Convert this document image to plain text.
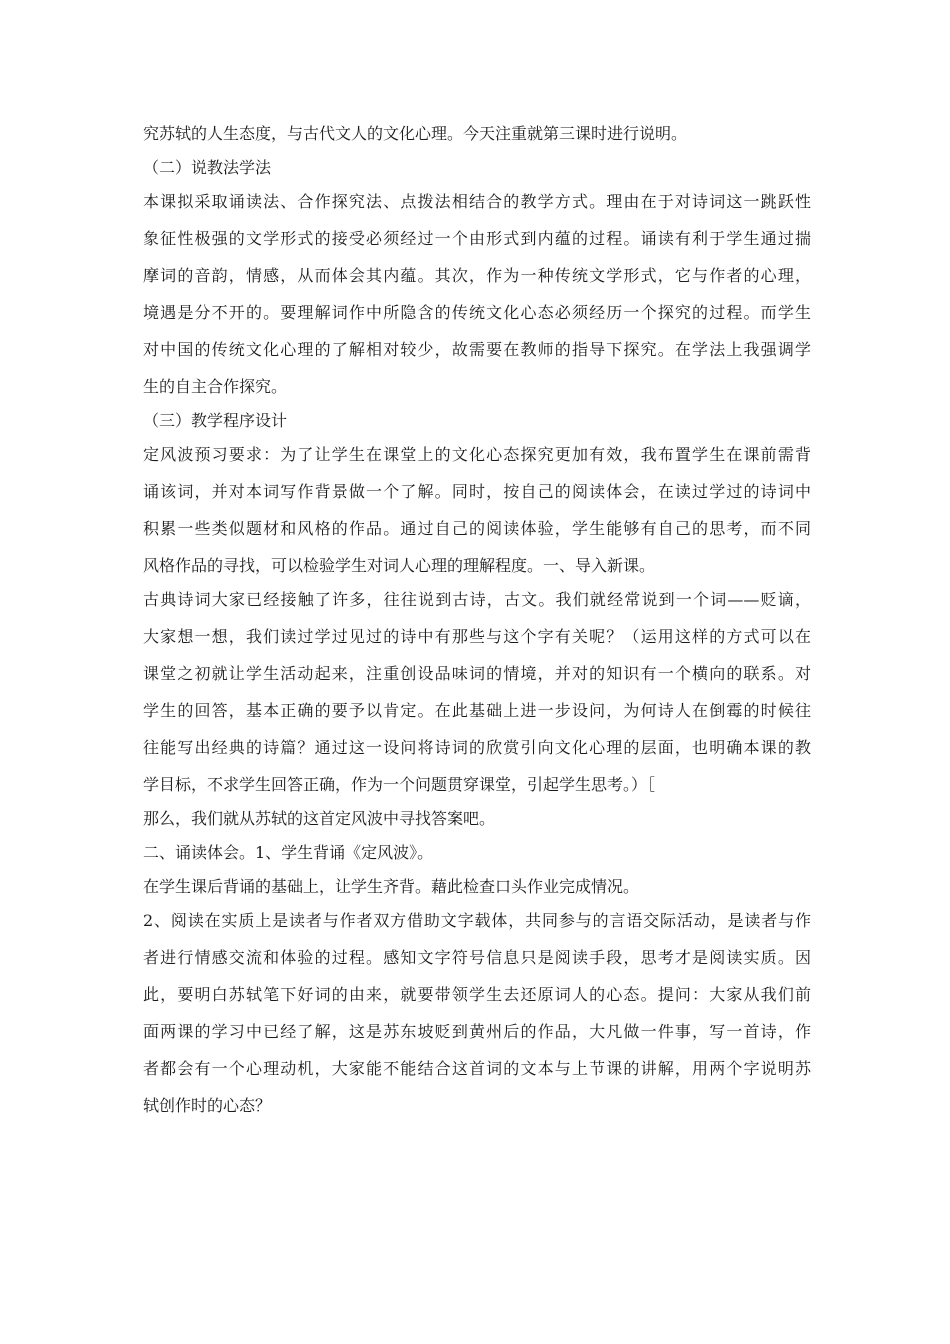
究苏轼的人生态度，与古代文人的文化心理。今天注重就第三课时进行说明。
（二）说教法学法
本课拟采取诵读法、合作探究法、点拨法相结合的教学方式。理由在于对诗词这一跳跃性
象征性极强的文学形式的接受必须经过一个由形式到内蕴的过程。诵读有利于学生通过揣
摩词的音韵，情感，从而体会其内蕴。其次，作为一种传统文学形式，它与作者的心理，
境遇是分不开的。要理解词作中所隐含的传统文化心态必须经历一个探究的过程。而学生
对中国的传统文化心理的了解相对较少，故需要在教师的指导下探究。在学法上我强调学
生的自主合作探究。
（三）教学程序设计
定风波预习要求：为了让学生在课堂上的文化心态探究更加有效，我布置学生在课前需背
诵该词，并对本词写作背景做一个了解。同时，按自己的阅读体会，在读过学过的诗词中
积累一些类似题材和风格的作品。通过自己的阅读体验，学生能够有自己的思考，而不同
风格作品的寻找，可以检验学生对词人心理的理解程度。一、导入新课。
古典诗词大家已经接触了许多，往往说到古诗，古文。我们就经常说到一个词——贬谪，
大家想一想，我们读过学过见过的诗中有那些与这个字有关呢？（运用这样的方式可以在
课堂之初就让学生活动起来，注重创设品味词的情境，并对的知识有一个横向的联系。对
学生的回答，基本正确的要予以肯定。在此基础上进一步设问，为何诗人在倒霉的时候往
往能写出经典的诗篇？通过这一设问将诗词的欣赏引向文化心理的层面，也明确本课的教
学目标，不求学生回答正确，作为一个问题贯穿课堂，引起学生思考。）［
那么，我们就从苏轼的这首定风波中寻找答案吧。
二、诵读体会。1、学生背诵《定风波》。
在学生课后背诵的基础上，让学生齐背。藉此检查口头作业完成情况。
2、阅读在实质上是读者与作者双方借助文字载体，共同参与的言语交际活动，是读者与作
者进行情感交流和体验的过程。感知文字符号信息只是阅读手段，思考才是阅读实质。因
此，要明白苏轼笔下好词的由来，就要带领学生去还原词人的心态。提问：大家从我们前
面两课的学习中已经了解，这是苏东坡贬到黄州后的作品，大凡做一件事，写一首诗，作
者都会有一个心理动机，大家能不能结合这首词的文本与上节课的讲解，用两个字说明苏
轼创作时的心态？
